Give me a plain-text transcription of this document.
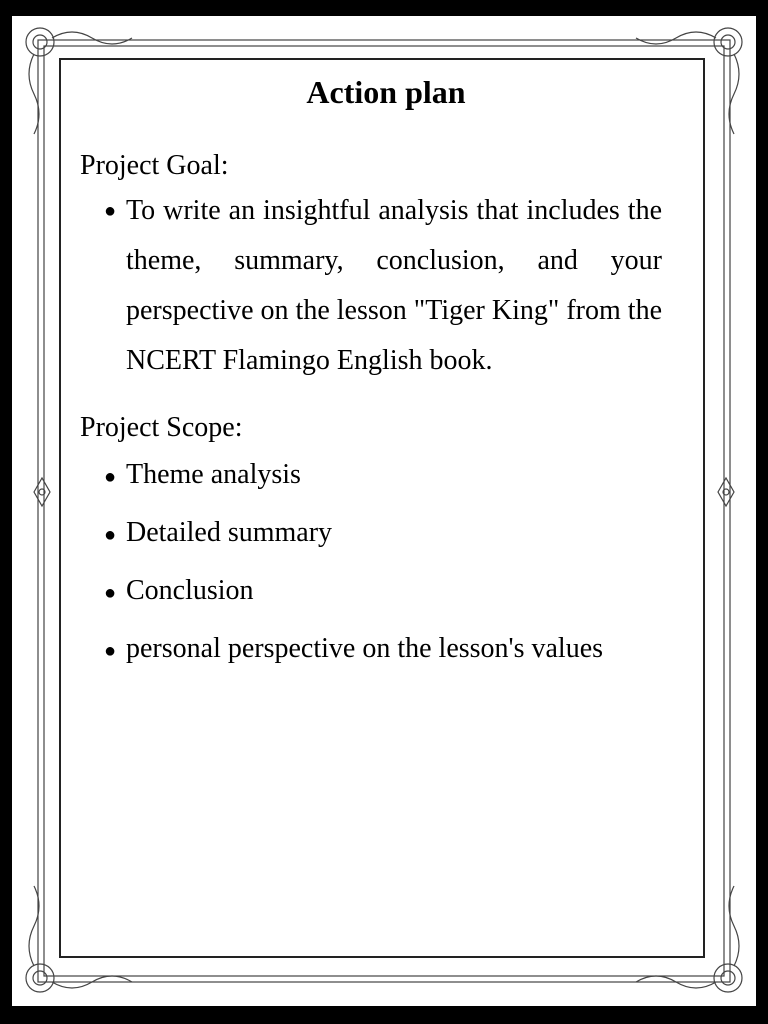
Action plan

Project Goal:

● To write an insightful analysis that includes the theme, summary, conclusion, and your perspective on the lesson "Tiger King" from the NCERT Flamingo English book.

Project Scope:

● Theme analysis
● Detailed summary
● Conclusion
● personal perspective on the lesson's values
